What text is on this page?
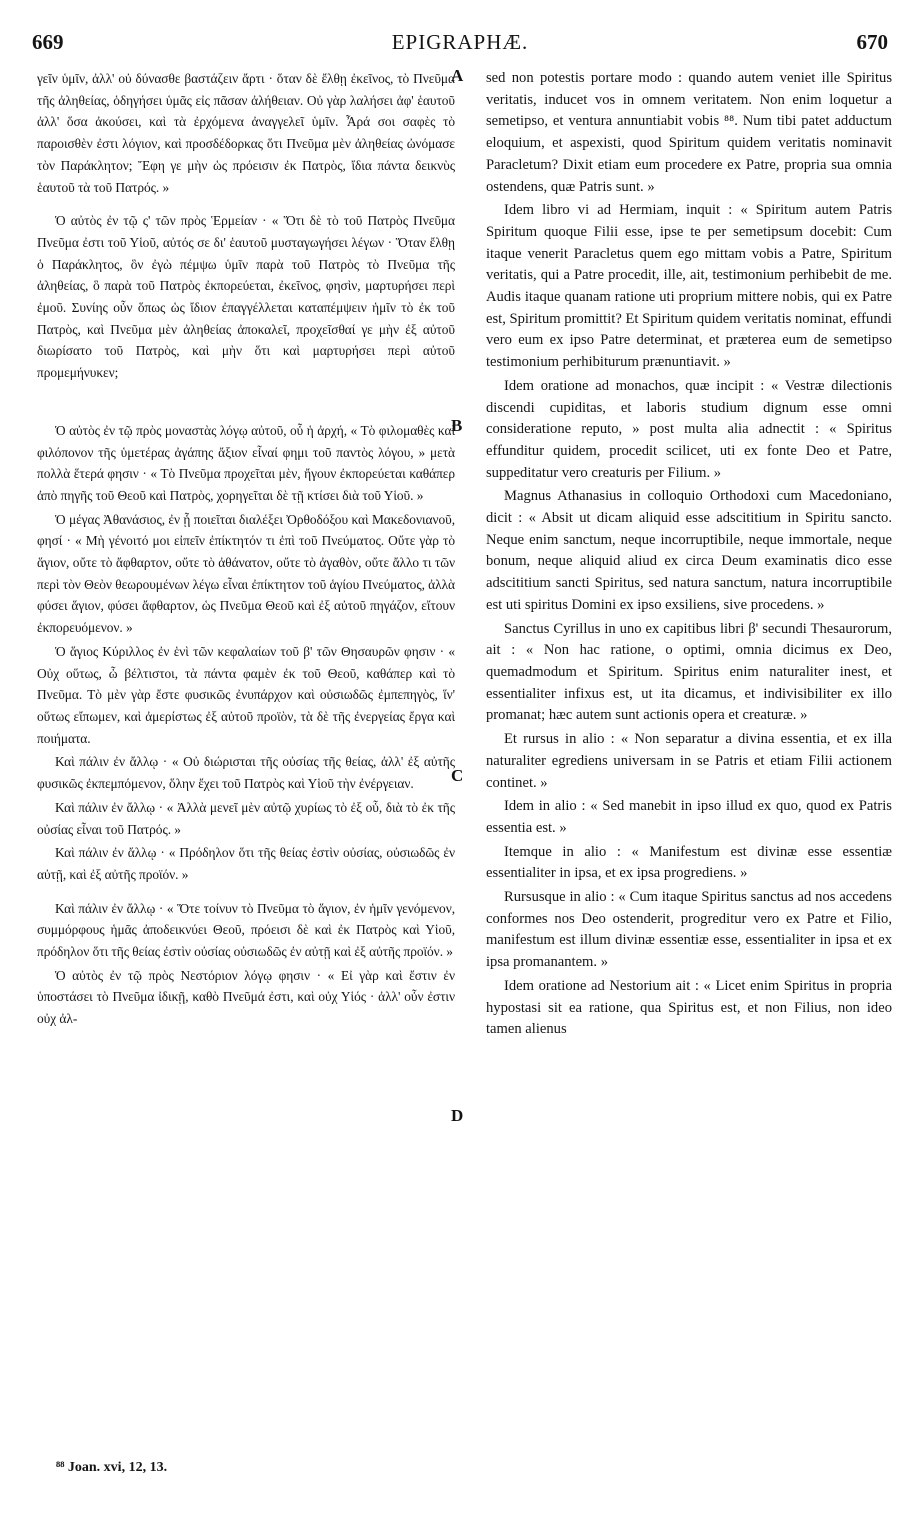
669	EPIGRAPHÆ.	670

γεῖν ὑμῖν, ἀλλ' οὐ δύνασθε βαστάζειν ἄρτι · ὅταν δὲ ἔλθῃ ἐκεῖνος, τὸ Πνεῦμα τῆς ἀληθείας, ὁδηγήσει ὑμᾶς εἰς πᾶσαν ἀλήθειαν. Οὐ γὰρ λαλήσει ἀφ' ἑαυτοῦ ἀλλ' ὅσα ἀκούσει, καὶ τὰ ἐρχόμενα ἀναγγελεῖ ὑμῖν. Ἆρά σοι σαφὲς τὸ παροισθὲν ἐστι λόγιον, καὶ προσδέδορκας ὅτι Πνεῦμα μὲν ἀληθείας ὠνόμασε τὸν Παράκλητον; Ἔφη γε μὴν ὡς πρόεισιν ἐκ Πατρὸς, ἴδια πάντα δεικνὺς ἑαυτοῦ τὰ τοῦ Πατρός. »

Ὁ αὐτὸς ἐν τῷ ς' τῶν πρὸς Ἑρμείαν · « Ὅτι δὲ τὸ τοῦ Πατρὸς Πνεῦμα Πνεῦμα ἐστι τοῦ Υἱοῦ, αὐτός σε δι' ἑαυτοῦ μυσταγωγήσει λέγων · Ὅταν ἔλθῃ ὁ Παράκλητος, ὃν ἐγὼ πέμψω ὑμῖν παρὰ τοῦ Πατρὸς τὸ Πνεῦμα τῆς ἀληθείας, ὃ παρὰ τοῦ Πατρὸς ἐκπορεύεται, ἐκεῖνος, φησὶν, μαρτυρήσει περὶ ἐμοῦ. Συνίης οὖν ὅπως ὡς ἴδιον ἐπαγγέλλεται καταπέμψειν ἡμῖν τὸ ἐκ τοῦ Πατρὸς, καὶ Πνεῦμα μὲν ἀληθείας ἀποκαλεῖ, προχεῖσθαί γε μὴν ἐξ αὐτοῦ διωρίσατο τοῦ Πατρὸς, καὶ μὴν ὅτι καὶ μαρτυρήσει περὶ αὐτοῦ προμεμήνυκεν;

Ὁ αὐτὸς ἐν τῷ πρὸς μοναστὰς λόγῳ αὐτοῦ, οὗ ἡ ἀρχή, « Τὸ φιλομαθὲς καὶ φιλόπονον τῆς ὑμετέρας ἀγάπης ἄξιον εἶναί φημι τοῦ παντὸς λόγου, » μετὰ πολλὰ ἕτερά φησιν · « Τὸ Πνεῦμα προχεῖται μὲν, ἤγουν ἐκπορεύεται καθάπερ ἀπὸ πηγῆς τοῦ Θεοῦ καὶ Πατρὸς, χορηγεῖται δὲ τῇ κτίσει διὰ τοῦ Υἱοῦ. »

Ὁ μέγας Ἀθανάσιος, ἐν ᾗ ποιεῖται διαλέξει Ὀρθοδόξου καὶ Μακεδονιανοῦ, φησί · « Μὴ γένοιτό μοι εἰπεῖν ἐπίκτητόν τι ἐπὶ τοῦ Πνεύματος. Οὔτε γὰρ τὸ ἅγιον, οὔτε τὸ ἄφθαρτον, οὔτε τὸ ἀθάνατον, οὔτε τὸ ἀγαθὸν, οὔτε ἄλλο τι τῶν περὶ τὸν Θεὸν θεωρουμένων λέγω εἶναι ἐπίκτητον τοῦ ἁγίου Πνεύματος, ἀλλὰ φύσει ἅγιον, φύσει ἄφθαρτον, ὡς Πνεῦμα Θεοῦ καὶ ἐξ αὐτοῦ πηγάζον, εἴτουν ἐκπορευόμενον. »

Ὁ ἅγιος Κύριλλος ἐν ἑνὶ τῶν κεφαλαίων τοῦ β' τῶν Θησαυρῶν φησιν · « Οὐχ οὕτως, ὦ βέλτιστοι, τὰ πάντα φαμὲν ἐκ τοῦ Θεοῦ, καθάπερ καὶ τὸ Πνεῦμα. Τὸ μὲν γὰρ ἔστε φυσικῶς ἐνυπάρχον καὶ οὐσιωδῶς ἐμπεπηγὸς, ἵν' οὕτως εἴπωμεν, καὶ ἀμερίστως ἐξ αὐτοῦ προϊὸν, τὰ δὲ τῆς ἐνεργείας ἔργα καὶ ποιήματα.

Καὶ πάλιν ἐν ἄλλῳ · « Οὐ διώρισται τῆς οὐσίας τῆς θείας, ἀλλ' ἐξ αὐτῆς φυσικῶς ἐκπεμπόμενον, ὅλην ἔχει τοῦ Πατρὸς καὶ Υἱοῦ τὴν ἐνέργειαν.

Καὶ πάλιν ἐν ἄλλῳ · « Ἀλλὰ μενεῖ μὲν αὐτῷ χυρίως τὸ ἐξ οὗ, διὰ τὸ ἐκ τῆς οὐσίας εἶναι τοῦ Πατρός. »

Καὶ πάλιν ἐν ἄλλῳ · « Πρόδηλον ὅτι τῆς θείας ἐστὶν οὐσίας, οὐσιωδῶς ἐν αὐτῇ, καὶ ἐξ αὐτῆς προϊόν. »

Καὶ πάλιν ἐν ἄλλῳ · « Ὅτε τοίνυν τὸ Πνεῦμα τὸ ἅγιον, ἐν ἡμῖν γενόμενον, συμμόρφους ἡμᾶς ἀποδεικνύει Θεοῦ, πρόεισι δὲ καὶ ἐκ Πατρὸς καὶ Υἱοῦ, πρόδηλον ὅτι τῆς θείας ἐστὶν οὐσίας οὐσιωδῶς ἐν αὐτῇ καὶ ἐξ αὐτῆς προϊόν. »

Ὁ αὐτὸς ἐν τῷ πρὸς Νεστόριον λόγῳ φησιν · « Εἰ γὰρ καὶ ἔστιν ἐν ὑποστάσει τὸ Πνεῦμα ἰδικῇ, καθὸ Πνεῦμά ἐστι, καὶ οὐχ Υἱός · ἀλλ' οὖν ἐστιν οὐχ ἀλ-

sed non potestis portare modo : quando autem veniet ille Spiritus veritatis, inducet vos in omnem veritatem. Non enim loquetur a semetipso, et ventura annuntiabit vobis ⁸⁸. Num tibi patet adductum eloquium, et aspexisti, quod Spiritum quidem veritatis nominavit Paracletum? Dixit etiam eum procedere ex Patre, propria sua omnia ostendens, quæ Patris sunt. »

Idem libro vi ad Hermiam, inquit : « Spiritum autem Patris Spiritum quoque Filii esse, ipse te per semetipsum docebit: Cum itaque venerit Paracletus quem ego mittam vobis a Patre, Spiritum veritatis, qui a Patre procedit, ille, ait, testimonium perhibebit de me. Audis itaque quanam ratione uti proprium mittere nobis, qui ex Patre est, Spiritum promittit? Et Spiritum quidem veritatis nominat, effundi vero eum ex ipso Patre determinat, et præterea eum de semetipso testimonium perhibiturum prænuntiavit. »

Idem oratione ad monachos, quæ incipit : « Vestræ dilectionis discendi cupiditas, et laboris studium dignum esse omni consideratione reputo, » post multa alia adnectit : « Spiritus effunditur quidem, procedit scilicet, uti ex fonte Deo et Patre, suppeditatur vero creaturis per Filium. »

Magnus Athanasius in colloquio Orthodoxi cum Macedoniano, dicit : « Absit ut dicam aliquid esse adscititium in Spiritu sancto. Neque enim sanctum, neque incorruptibile, neque immortale, neque bonum, neque aliquid aliud ex circa Deum examinatis dico esse adscititium sancti Spiritus, sed natura sanctum, natura incorruptibile est uti spiritus Domini ex ipso exsiliens, sive procedens. »

Sanctus Cyrillus in uno ex capitibus libri β' secundi Thesaurorum, ait : « Non hac ratione, o optimi, omnia dicimus ex Deo, quemadmodum et Spiritum. Spiritus enim naturaliter inest, et essentialiter infixus est, ut ita dicamus, et indivisibiliter ex illo promanat; hæc autem sunt actionis opera et creaturæ. »

Et rursus in alio : « Non separatur a divina essentia, et ex illa naturaliter egrediens universam in se Patris et etiam Filii actionem continet. »

Idem in alio : « Sed manebit in ipso illud ex quo, quod ex Patris essentia est. »

Itemque in alio : « Manifestum est divinæ esse essentiæ essentialiter in ipsa, et ex ipsa progrediens. »

Rursusque in alio : « Cum itaque Spiritus sanctus ad nos accedens conformes nos Deo ostenderit, progreditur vero ex Patre et Filio, manifestum est illum divinæ essentiæ esse, essentialiter in ipsa et ex ipsa promanantem. »

Idem oratione ad Nestorium ait : « Licet enim Spiritus in propria hypostasi sit ea ratione, qua Spiritus est, et non Filius, non ideo tamen alienus

A
B
C
D
⁸⁸ Joan. xvi, 12, 13.
